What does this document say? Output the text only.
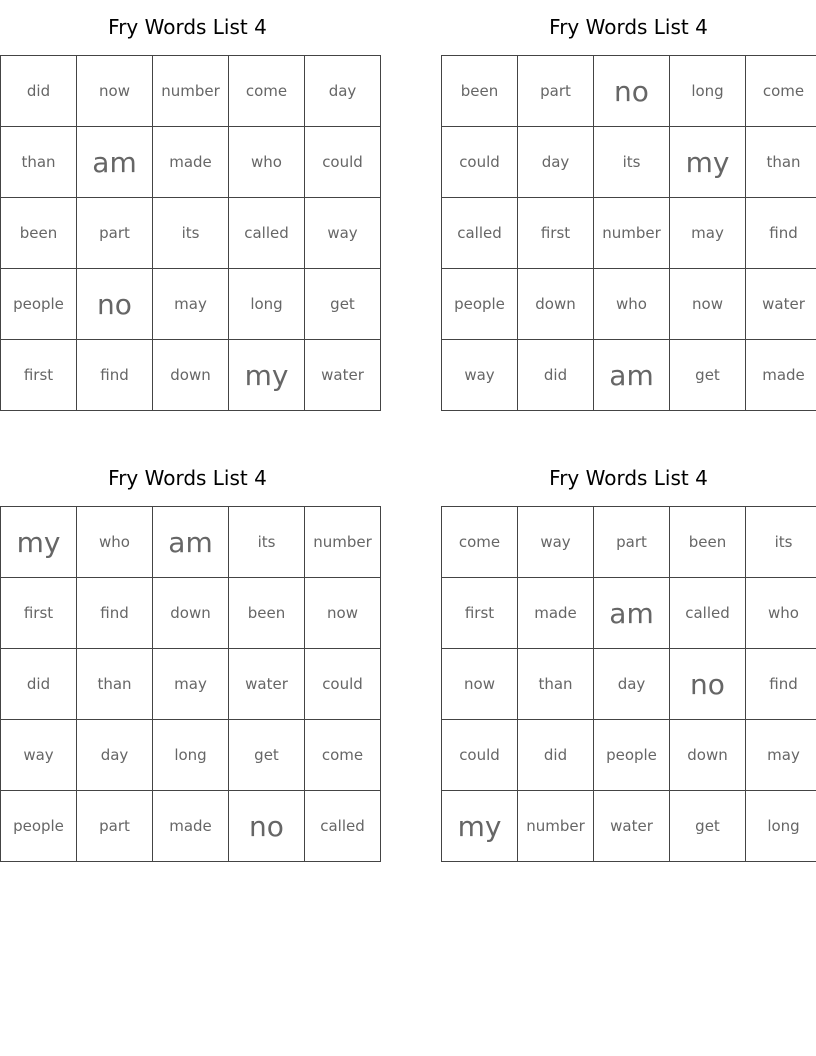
Fry Words List 4
did	now	number	come	day
than	am	made	who	could
been	part	its	called	way
people	no	may	long	get
first	find	down	my	water
Fry Words List 4
been	part	no	long	come
could	day	its	my	than
called	first	number	may	find
people	down	who	now	water
way	did	am	get	made
Fry Words List 4
my	who	am	its	number
first	find	down	been	now
did	than	may	water	could
way	day	long	get	come
people	part	made	no	called
Fry Words List 4
come	way	part	been	its
first	made	am	called	who
now	than	day	no	find
could	did	people	down	may
my	number	water	get	long
